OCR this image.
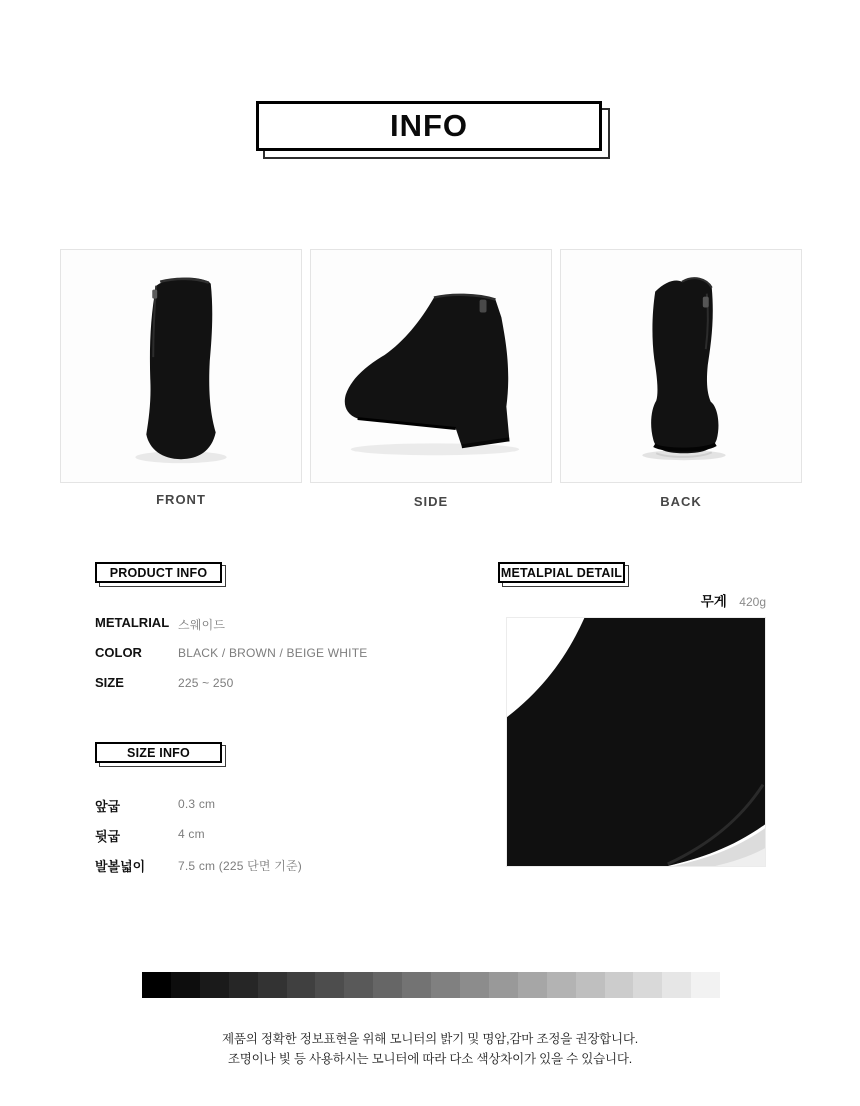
INFO
FRONT	SIDE	BACK
PRODUCT INFO
METALRIAL 스웨이드
COLOR	BLACK / BROWN / BEIGE WHITE
SIZE	225 ~ 250
METALPIAL DETAIL
무게 420g
SIZE INFO
앞굽	0.3 cm
뒷굽	4 cm
발볼넓이	7.5 cm (225 단면 기준)
제품의 정확한 정보표현을 위해 모니터의 밝기 및 명암,감마 조정을 권장합니다.
조명이나 빛 등 사용하시는 모니터에 따라 다소 색상차이가 있을 수 있습니다.
